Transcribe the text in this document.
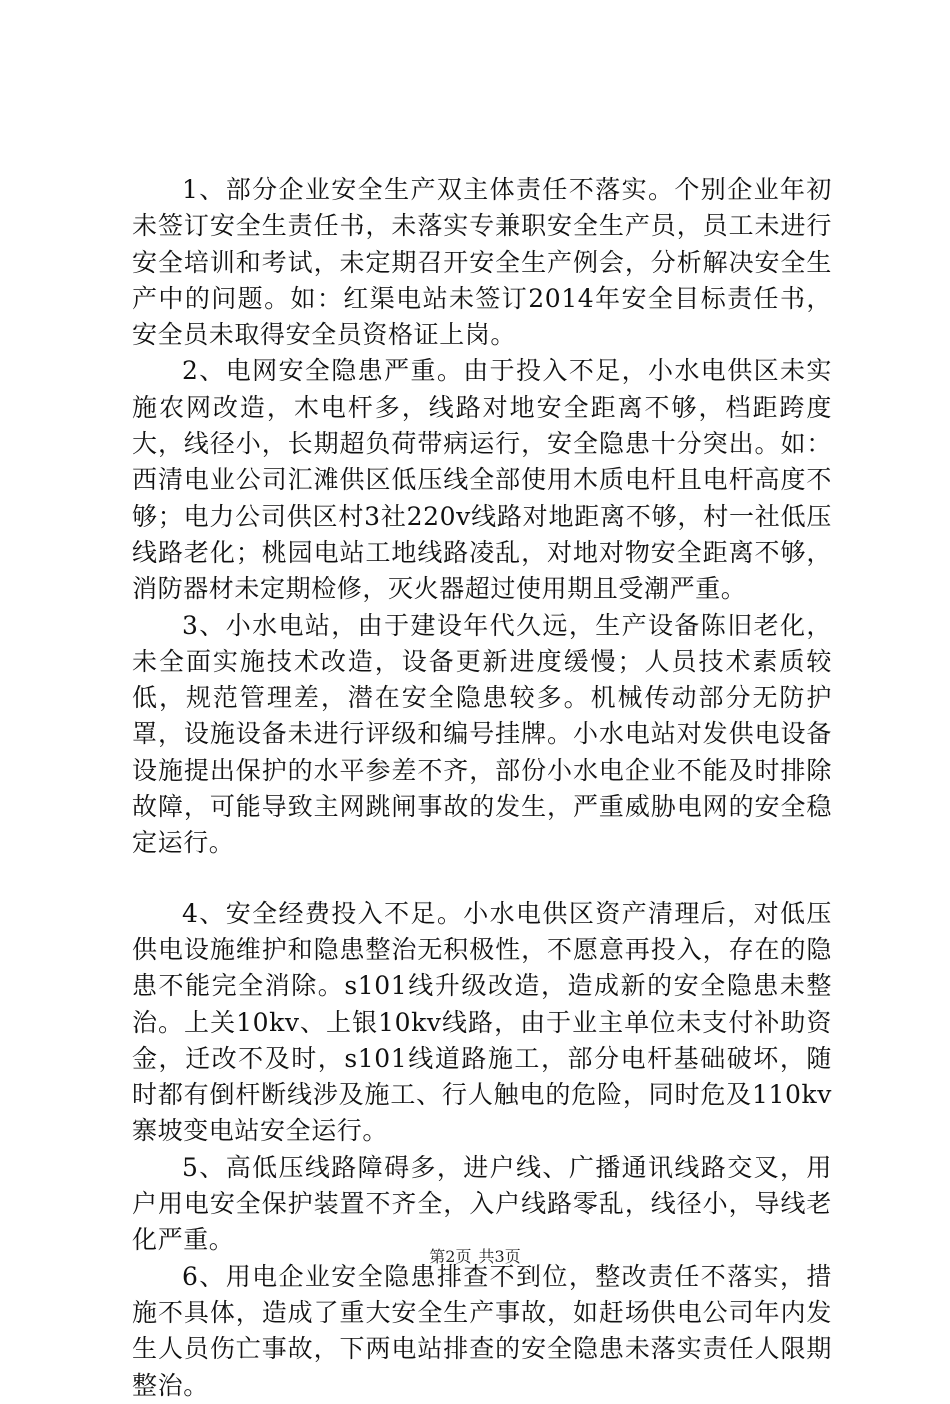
1、部分企业安全生产双主体责任不落实。个别企业年初未签订安全生责任书，未落实专兼职安全生产员，员工未进行安全培训和考试，未定期召开安全生产例会，分析解决安全生产中的问题。如：红渠电站未签订2014年安全目标责任书，安全员未取得安全员资格证上岗。

2、电网安全隐患严重。由于投入不足，小水电供区未实施农网改造，木电杆多，线路对地安全距离不够，档距跨度大，线径小，长期超负荷带病运行，安全隐患十分突出。如：西清电业公司汇滩供区低压线全部使用木质电杆且电杆高度不够；电力公司供区村3社220v线路对地距离不够，村一社低压线路老化；桃园电站工地线路凌乱，对地对物安全距离不够，消防器材未定期检修，灭火器超过使用期且受潮严重。

3、小水电站，由于建设年代久远，生产设备陈旧老化，未全面实施技术改造，设备更新进度缓慢；人员技术素质较低，规范管理差，潜在安全隐患较多。机械传动部分无防护罩，设施设备未进行评级和编号挂牌。小水电站对发供电设备设施提出保护的水平参差不齐，部份小水电企业不能及时排除故障，可能导致主网跳闸事故的发生，严重威胁电网的安全稳定运行。

4、安全经费投入不足。小水电供区资产清理后，对低压供电设施维护和隐患整治无积极性，不愿意再投入，存在的隐患不能完全消除。s101线升级改造，造成新的安全隐患未整治。上关10kv、上银10kv线路，由于业主单位未支付补助资金，迁改不及时，s101线道路施工，部分电杆基础破坏，随时都有倒杆断线涉及施工、行人触电的危险，同时危及110kv寨坡变电站安全运行。

5、高低压线路障碍多，进户线、广播通讯线路交叉，用户用电安全保护装置不齐全，入户线路零乱，线径小，导线老化严重。

6、用电企业安全隐患排查不到位，整改责任不落实，措施不具体，造成了重大安全生产事故，如赶场供电公司年内发生人员伤亡事故，下两电站排查的安全隐患未落实责任人限期整治。

第2页 共3页
